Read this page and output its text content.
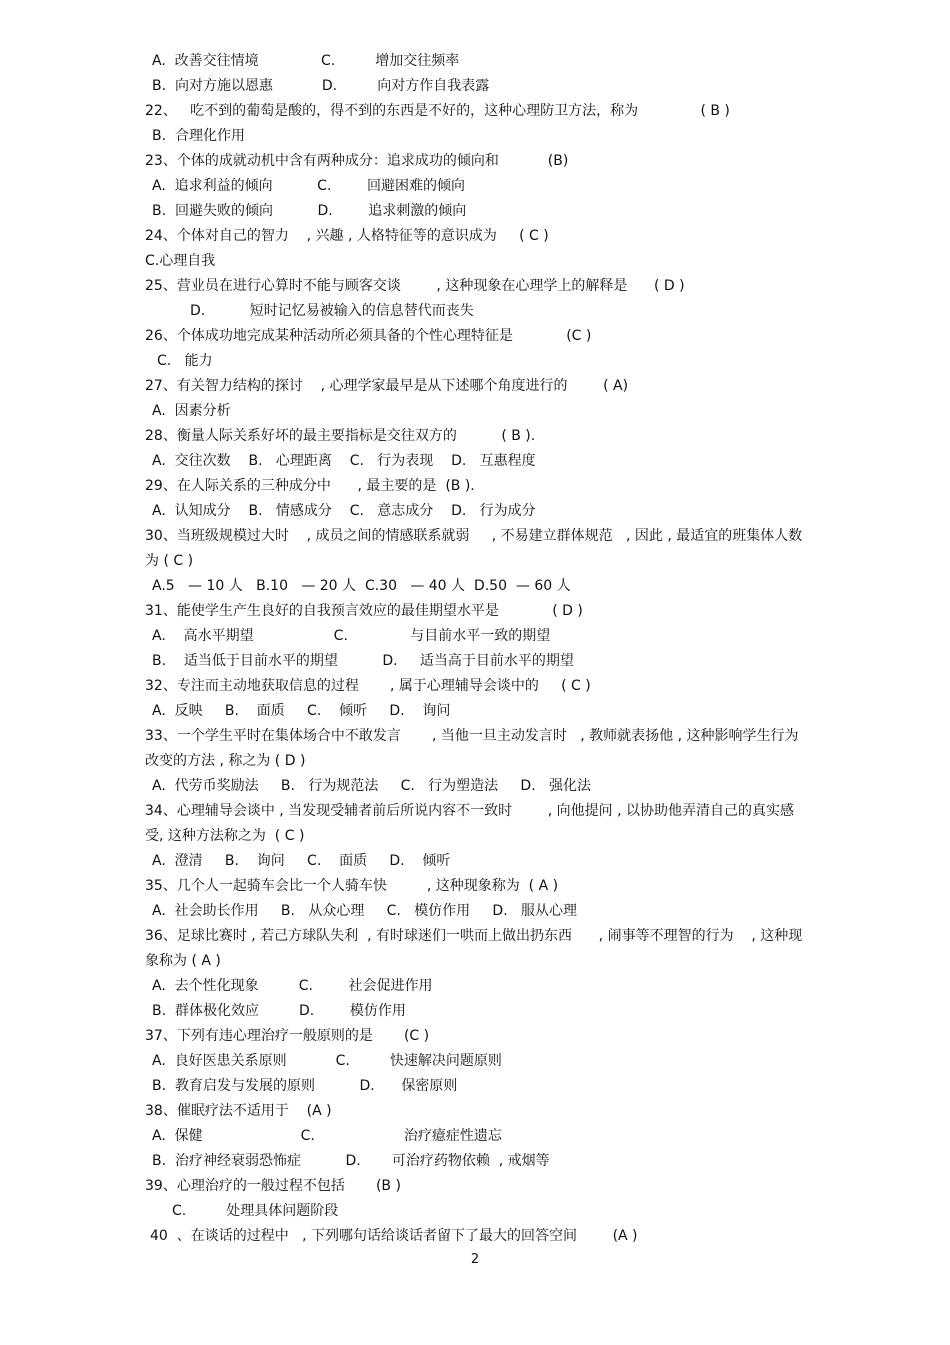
A.  改善交往情境              C.         增加交往频率
B.  向对方施以恩惠           D.         向对方作自我表露
22、   吃不到的葡萄是酸的，得不到的东西是不好的，这种心理防卫方法，称为              ( B )
B.  合理化作用
23、个体的成就动机中含有两种成分：追求成功的倾向和           (B)
A.  追求利益的倾向          C.        回避困难的倾向
B.  回避失败的倾向          D.        追求刺激的倾向
24、个体对自己的智力    , 兴趣 , 人格特征等的意识成为     ( C )
C.心理自我
25、营业员在进行心算时不能与顾客交谈        , 这种现象在心理学上的解释是      ( D )
D.          短时记忆易被输入的信息替代而丧失
26、个体成功地完成某种活动所必须具备的个性心理特征是            (C )
C.   能力
27、有关智力结构的探讨    , 心理学家最早是从下述哪个角度进行的        ( A)
A.  因素分析
28、衡量人际关系好坏的最主要指标是交往双方的          ( B ).
A.  交往次数    B.   心理距离    C.   行为表现    D.   互惠程度
29、在人际关系的三种成分中      , 最主要的是  (B ).
A.  认知成分    B.   情感成分    C.   意志成分    D.   行为成分
30、当班级规模过大时    , 成员之间的情感联系就弱     , 不易建立群体规范   , 因此 , 最适宜的班集体人数
为 ( C )
A.5   — 10 人   B.10   — 20 人  C.30   — 40 人  D.50  — 60 人
31、能使学生产生良好的自我预言效应的最佳期望水平是            ( D )
A.    高水平期望                  C.              与目前水平一致的期望
B.    适当低于目前水平的期望          D.     适当高于目前水平的期望
32、专注而主动地获取信息的过程       , 属于心理辅导会谈中的     ( C )
A.  反映     B.    面质     C.    倾听     D.    询问
33、一个学生平时在集体场合中不敢发言       , 当他一旦主动发言时   , 教师就表扬他 , 这种影响学生行为
改变的方法 , 称之为 ( D )
A.  代劳币奖励法     B.   行为规范法     C.   行为塑造法     D.   强化法
34、心理辅导会谈中 , 当发现受辅者前后所说内容不一致时        , 向他提问 , 以协助他弄清自己的真实感
受, 这种方法称之为  ( C )
A.  澄清     B.    询问     C.    面质     D.    倾听
35、几个人一起骑车会比一个人骑车快         , 这种现象称为  ( A )
A.  社会助长作用     B.   从众心理     C.   模仿作用     D.   服从心理
36、足球比赛时 , 若己方球队失利  , 有时球迷们一哄而上做出扔东西      , 闹事等不理智的行为    , 这种现
象称为 ( A )
A.  去个性化现象         C.        社会促进作用
B.  群体极化效应         D.        模仿作用
37、下列有违心理治疗一般原则的是       (C )
A.  良好医患关系原则           C.         快速解决问题原则
B.  教育启发与发展的原则          D.      保密原则
38、催眠疗法不适用于    (A )
A.  保健                      C.                    治疗癔症性遗忘
B.  治疗神经衰弱恐怖症          D.       可治疗药物依赖  , 戒烟等
39、心理治疗的一般过程不包括       (B )
C.         处理具体问题阶段
40  、在谈话的过程中   , 下列哪句话给谈话者留下了最大的回答空间        (A )
2
